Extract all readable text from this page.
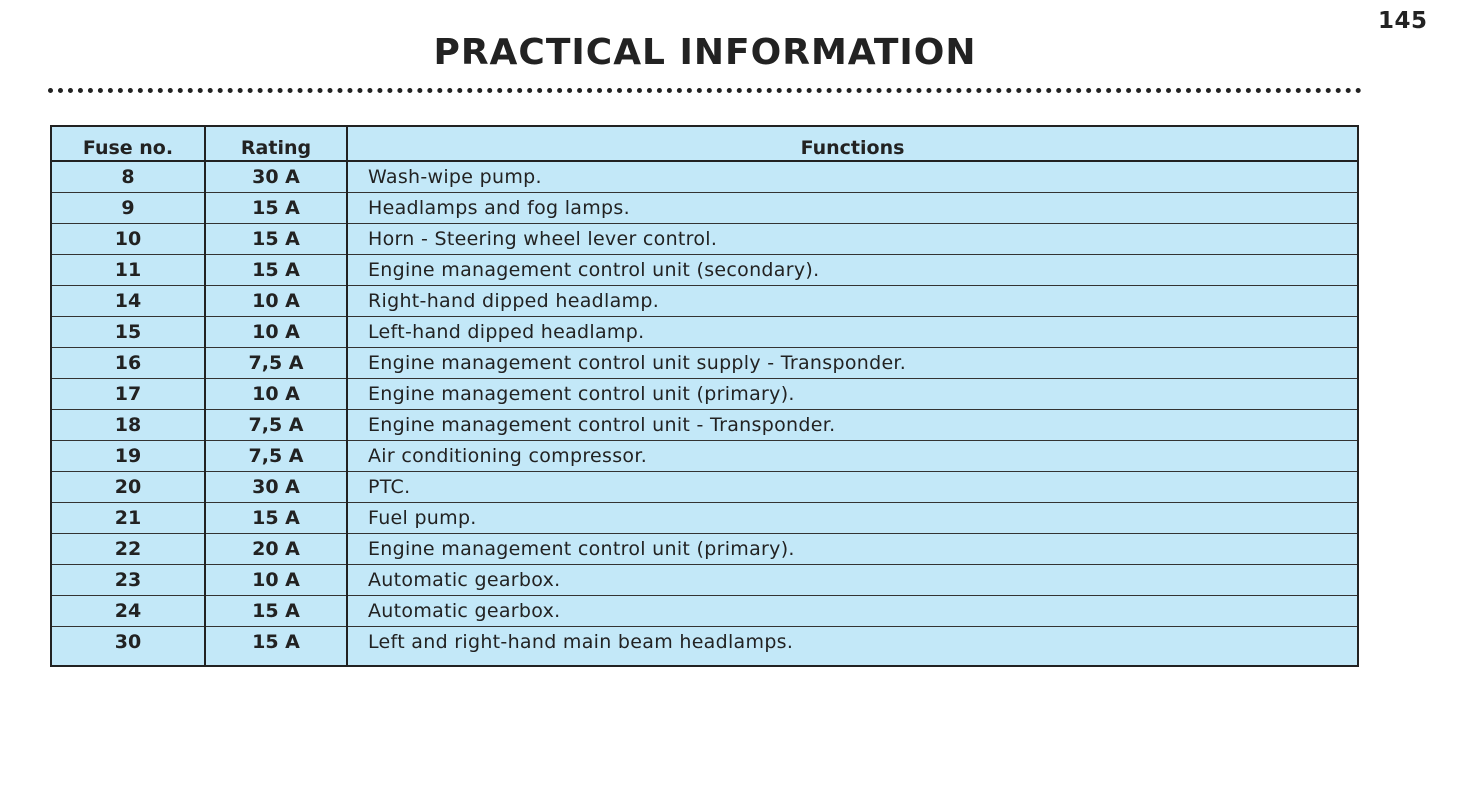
145
PRACTICAL INFORMATION
Fuse no.	Rating	Functions
8	30 A	Wash-wipe pump.
9	15 A	Headlamps and fog lamps.
10	15 A	Horn - Steering wheel lever control.
11	15 A	Engine management control unit (secondary).
14	10 A	Right-hand dipped headlamp.
15	10 A	Left-hand dipped headlamp.
16	7,5 A	Engine management control unit supply - Transponder.
17	10 A	Engine management control unit (primary).
18	7,5 A	Engine management control unit - Transponder.
19	7,5 A	Air conditioning compressor.
20	30 A	PTC.
21	15 A	Fuel pump.
22	20 A	Engine management control unit (primary).
23	10 A	Automatic gearbox.
24	15 A	Automatic gearbox.
30	15 A	Left and right-hand main beam headlamps.
